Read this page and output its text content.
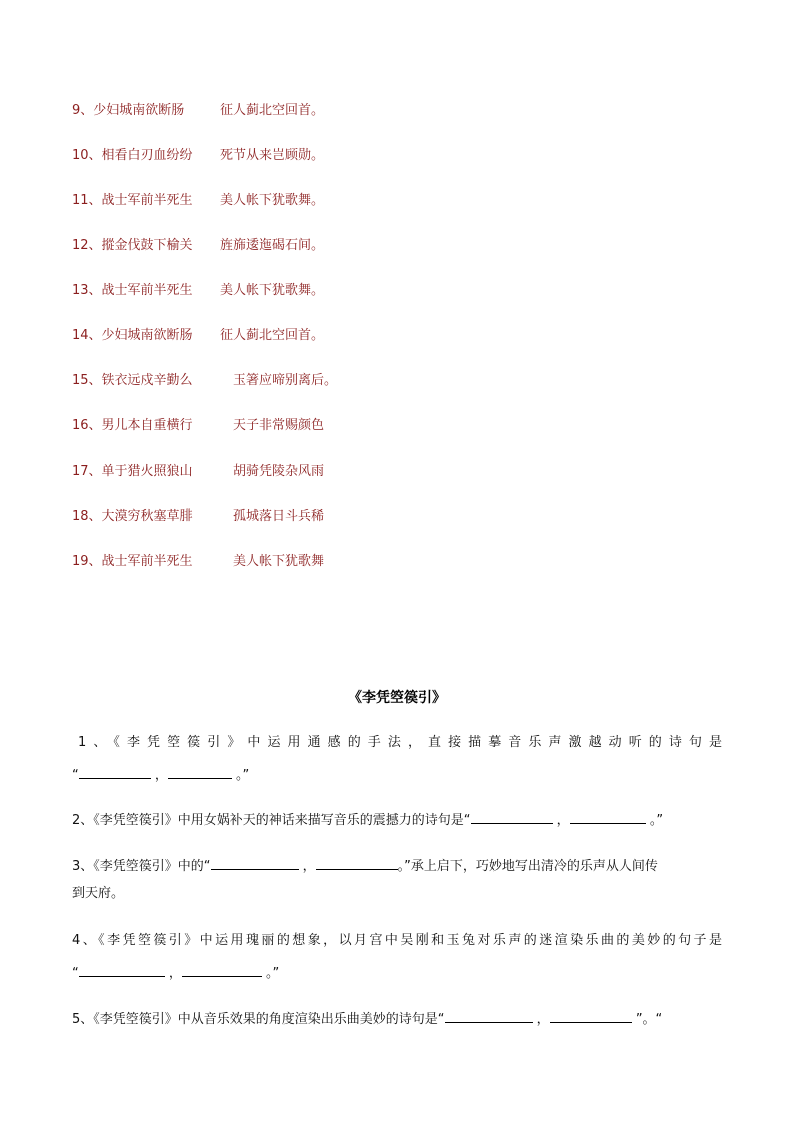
9、少妇城南欲断肠	征人蓟北空回首。
10、相看白刃血纷纷 死节从来岂顾勋。
11、战士军前半死生 美人帐下犹歌舞。
12、摐金伐鼓下榆关 旌旆逶迤碣石间。
13、战士军前半死生 美人帐下犹歌舞。
14、少妇城南欲断肠 征人蓟北空回首。
15、铁衣远戍辛勤么	玉箸应啼别离后。
16、男儿本自重横行	天子非常赐颜色
17、单于猎火照狼山	胡骑凭陵杂风雨
18、大漠穷秋塞草腓	孤城落日斗兵稀
19、战士军前半死生	美人帐下犹歌舞
《李凭箜篌引》
1、《李凭箜篌引》中运用通感的手法，直接描摹音乐声激越动听的诗句是
“	，	。”
2、《李凭箜篌引》中用女娲补天的神话来描写音乐的震撼力的诗句是“	，	。”
3、《李凭箜篌引》中的“	，	。”承上启下，巧妙地写出清冷的乐声从人间传
到天府。
4、《李凭箜篌引》中运用瑰丽的想象，以月宫中吴刚和玉兔对乐声的迷渲染乐曲的美妙的句子是
“	，	。”
5、《李凭箜篌引》中从音乐效果的角度渲染出乐曲美妙的诗句是“	，	”。“
